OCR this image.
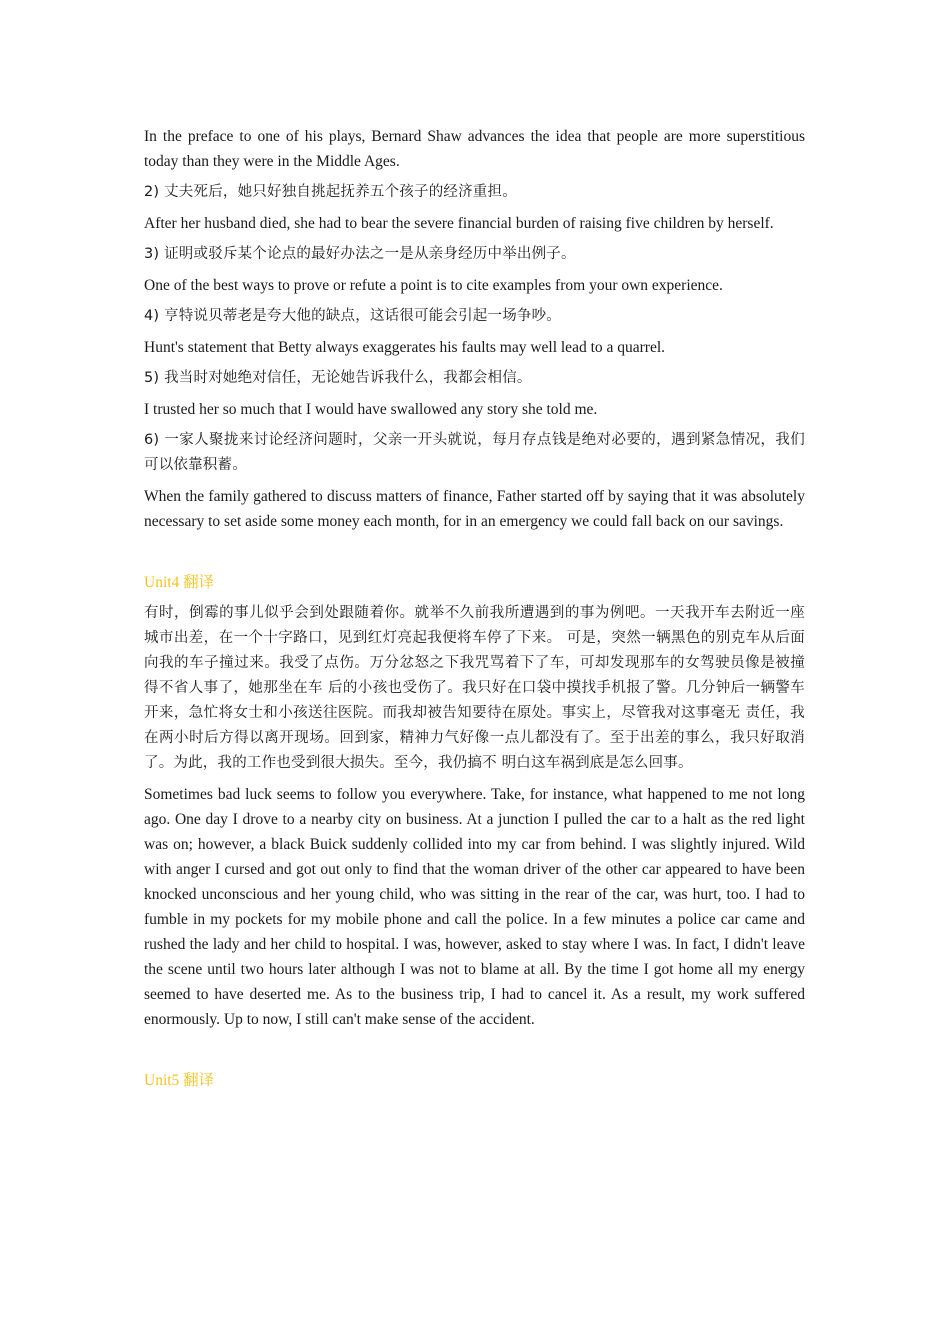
In the preface to one of his plays, Bernard Shaw advances the idea that people are more superstitious today than they were in the Middle Ages.

2) 丈夫死后，她只好独自挑起抚养五个孩子的经济重担。

After her husband died, she had to bear the severe financial burden of raising five children by herself.

3) 证明或驳斥某个论点的最好办法之一是从亲身经历中举出例子。

One of the best ways to prove or refute a point is to cite examples from your own experience.

4) 亨特说贝蒂老是夸大他的缺点，这话很可能会引起一场争吵。

Hunt's statement that Betty always exaggerates his faults may well lead to a quarrel.

5) 我当时对她绝对信任，无论她告诉我什么，我都会相信。

I trusted her so much that I would have swallowed any story she told me.

6) 一家人聚拢来讨论经济问题时，父亲一开头就说，每月存点钱是绝对必要的，遇到紧急情况，我们可以依靠积蓄。

When the family gathered to discuss matters of finance, Father started off by saying that it was absolutely necessary to set aside some money each month, for in an emergency we could fall back on our savings.

Unit4 翻译

有时，倒霉的事儿似乎会到处跟随着你。就举不久前我所遭遇到的事为例吧。一天我开车去附近一座城市出差，在一个十字路口，见到红灯亮起我便将车停了下来。 可是，突然一辆黑色的别克车从后面向我的车子撞过来。我受了点伤。万分忿怒之下我咒骂着下了车，可却发现那车的女驾驶员像是被撞得不省人事了，她那坐在车 后的小孩也受伤了。我只好在口袋中摸找手机报了警。几分钟后一辆警车开来，急忙将女士和小孩送往医院。而我却被告知要待在原处。事实上，尽管我对这事毫无 责任，我在两小时后方得以离开现场。回到家，精神力气好像一点儿都没有了。至于出差的事么，我只好取消了。为此，我的工作也受到很大损失。至今，我仍搞不 明白这车祸到底是怎么回事。

Sometimes bad luck seems to follow you everywhere. Take, for instance, what happened to me not long ago. One day I drove to a nearby city on business. At a junction I pulled the car to a halt as the red light was on; however, a black Buick suddenly collided into my car from behind. I was slightly injured. Wild with anger I cursed and got out only to find that the woman driver of the other car appeared to have been knocked unconscious and her young child, who was sitting in the rear of the car, was hurt, too. I had to fumble in my pockets for my mobile phone and call the police. In a few minutes a police car came and rushed the lady and her child to hospital. I was, however, asked to stay where I was. In fact, I didn't leave the scene until two hours later although I was not to blame at all. By the time I got home all my energy seemed to have deserted me. As to the business trip, I had to cancel it. As a result, my work suffered enormously. Up to now, I still can't make sense of the accident.

Unit5 翻译
